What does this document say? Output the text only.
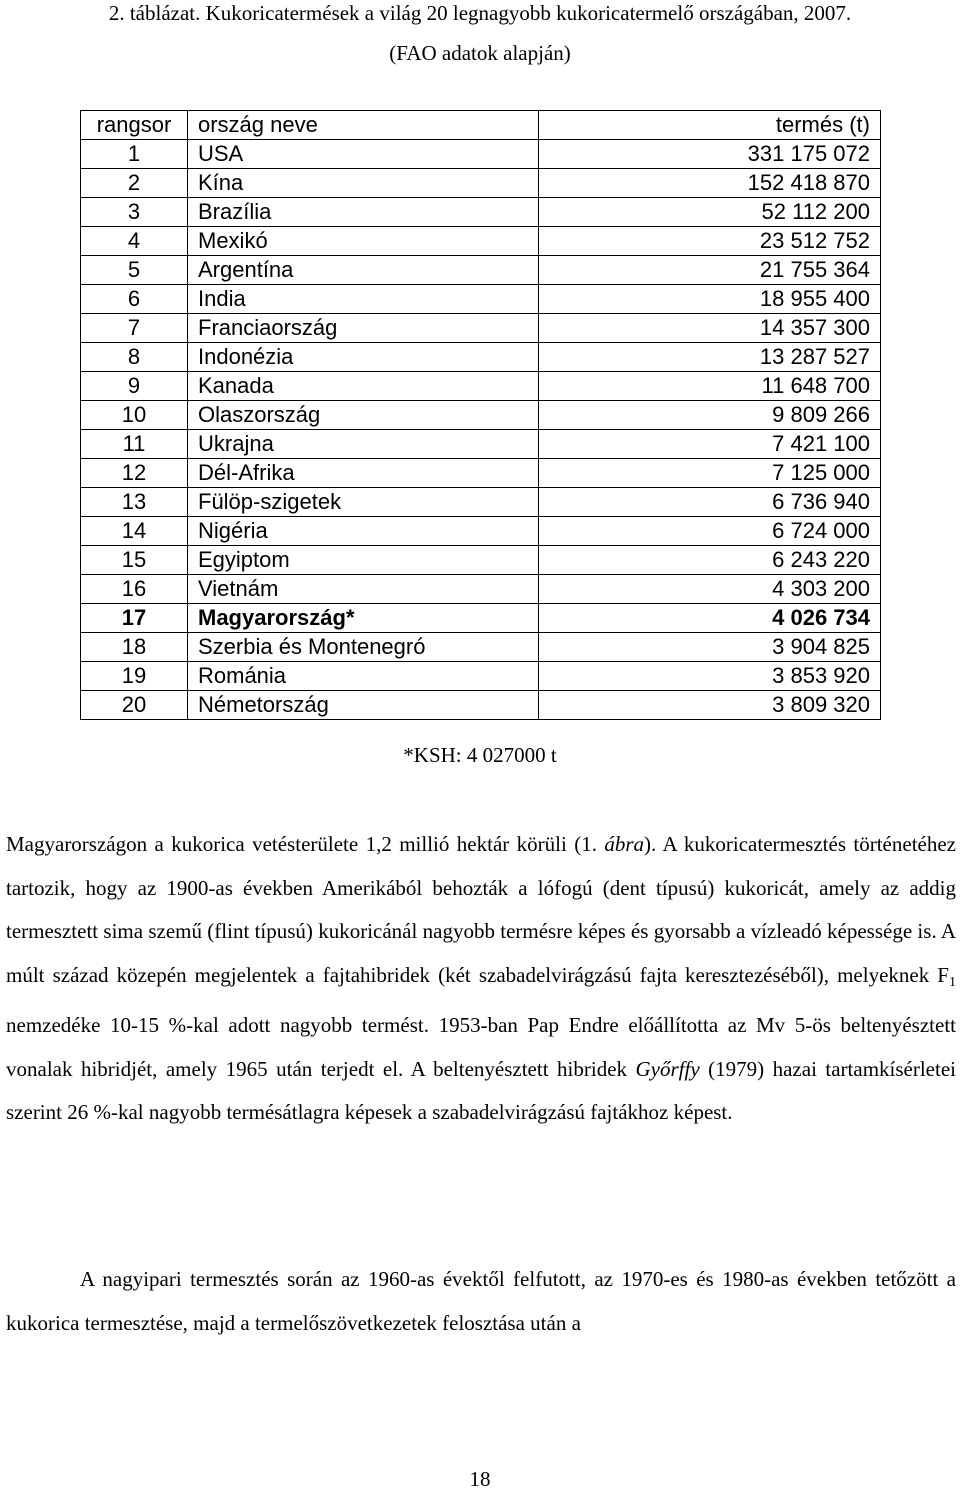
2. táblázat. Kukoricatermések a világ 20 legnagyobb kukoricatermelő országában, 2007.
(FAO adatok alapján)
rangsor	ország neve	termés (t)
1	USA	331 175 072
2	Kína	152 418 870
3	Brazília	52 112 200
4	Mexikó	23 512 752
5	Argentína	21 755 364
6	India	18 955 400
7	Franciaország	14 357 300
8	Indonézia	13 287 527
9	Kanada	11 648 700
10	Olaszország	9 809 266
11	Ukrajna	7 421 100
12	Dél-Afrika	7 125 000
13	Fülöp-szigetek	6 736 940
14	Nigéria	6 724 000
15	Egyiptom	6 243 220
16	Vietnám	4 303 200
17	Magyarország*	4 026 734
18	Szerbia és Montenegró	3 904 825
19	Románia	3 853 920
20	Németország	3 809 320
*KSH: 4 027000 t

Magyarországon a kukorica vetésterülete 1,2 millió hektár körüli (1. ábra). A kukoricatermesztés történetéhez tartozik, hogy az 1900-as években Amerikából behozták a lófogú (dent típusú) kukoricát, amely az addig termesztett sima szemű (flint típusú) kukoricánál nagyobb termésre képes és gyorsabb a vízleadó képessége is. A múlt század közepén megjelentek a fajtahibridek (két szabadelvirágzású fajta keresztezéséből), melyeknek $F_1$ nemzedéke 10-15 %-kal adott nagyobb termést. 1953-ban Pap Endre előállította az Mv 5-ös beltenyésztett vonalak hibridjét, amely 1965 után terjedt el. A beltenyésztett hibridek Győrffy (1979) hazai tartamkísérletei szerint 26 %-kal nagyobb termésátlagra képesek a szabadelvirágzású fajtákhoz képest.

A nagyipari termesztés során az 1960-as évektől felfutott, az 1970-es és 1980-as években tetőzött a kukorica termesztése, majd a termelőszövetkezetek felosztása után a

18
